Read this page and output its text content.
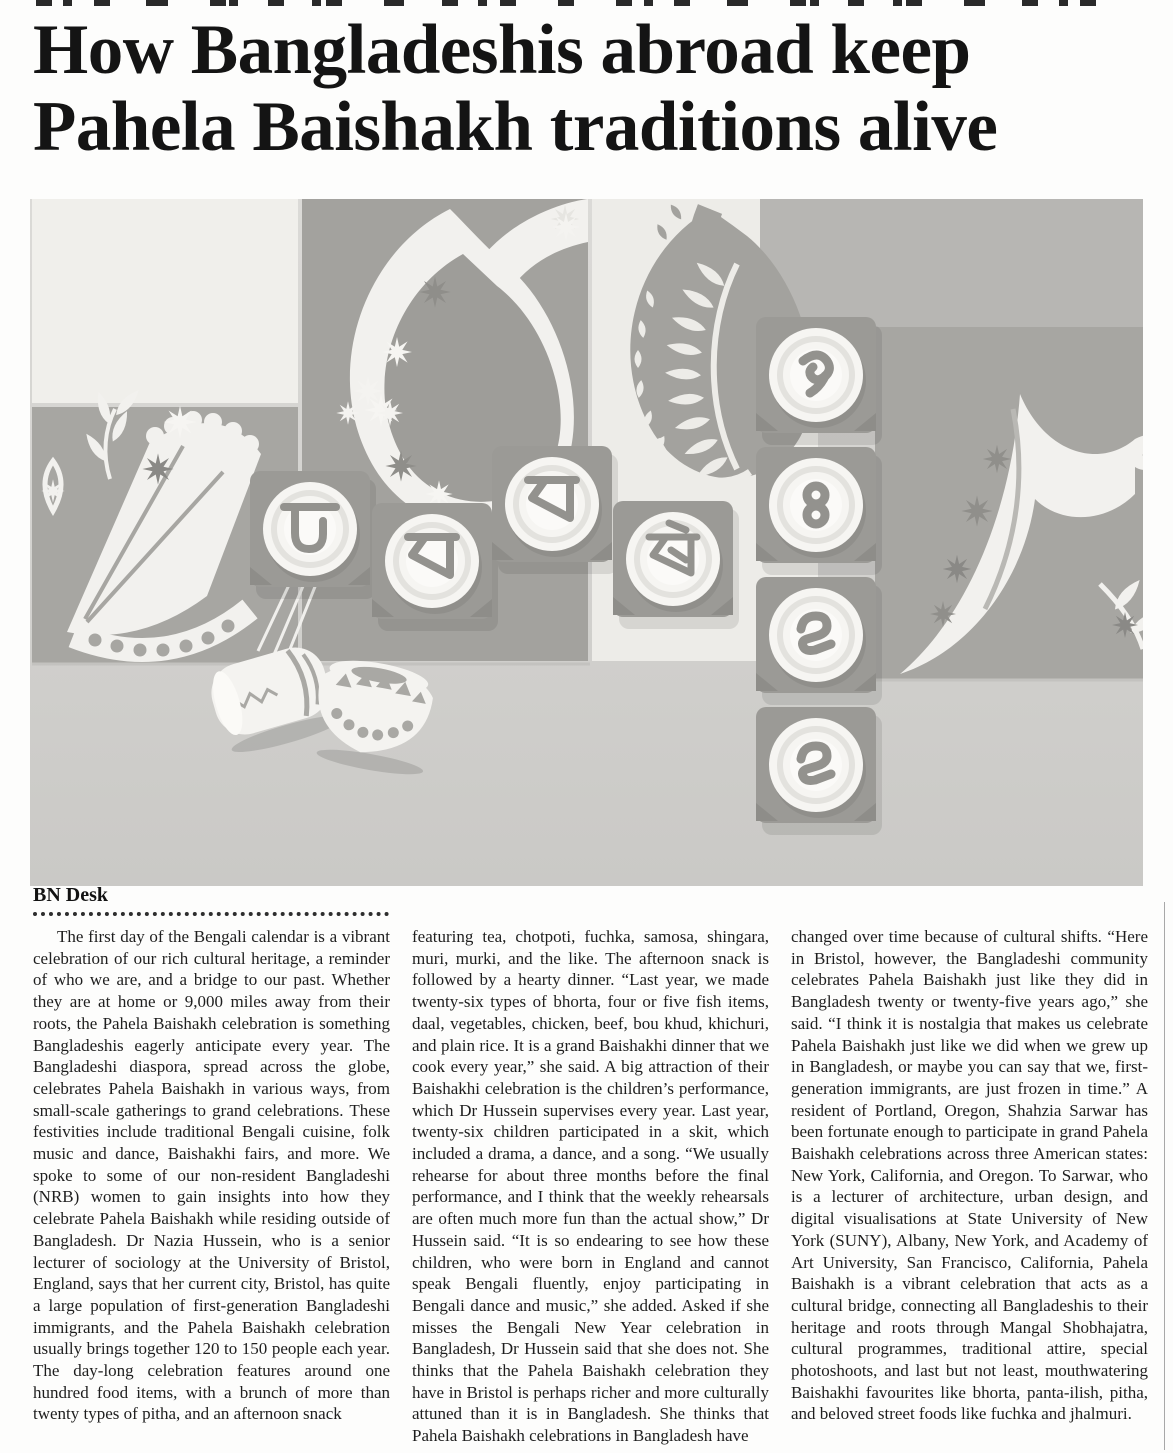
How Bangladeshis abroad keep
Pahela Baishakh traditions alive
BN Desk
The first day of the Bengali calendar is a vibrant celebration of our rich cultural heritage, a reminder of who we are, and a bridge to our past. Whether they are at home or 9,000 miles away from their roots, the Pahela Baishakh celebration is something Bangladeshis eagerly anticipate every year. The Bangladeshi diaspora, spread across the globe, celebrates Pahela Baishakh in various ways, from small-scale gatherings to grand celebrations. These festivities include traditional Bengali cuisine, folk music and dance, Baishakhi fairs, and more. We spoke to some of our non-resident Bangladeshi (NRB) women to gain insights into how they celebrate Pahela Baishakh while residing outside of Bangladesh. Dr Nazia Hussein, who is a senior lecturer of sociology at the University of Bristol, England, says that her current city, Bristol, has quite a large population of first-generation Bangladeshi immigrants, and the Pahela Baishakh celebration usually brings together 120 to 150 people each year. The day-long celebration features around one hundred food items, with a brunch of more than twenty types of pitha, and an afternoon snack
featuring tea, chotpoti, fuchka, samosa, shingara, muri, murki, and the like. The afternoon snack is followed by a hearty dinner. “Last year, we made twenty-six types of bhorta, four or five fish items, daal, vegetables, chicken, beef, bou khud, khichuri, and plain rice. It is a grand Baishakhi dinner that we cook every year,” she said. A big attraction of their Baishakhi celebration is the children’s performance, which Dr Hussein supervises every year. Last year, twenty-six children participated in a skit, which included a drama, a dance, and a song. “We usually rehearse for about three months before the final performance, and I think that the weekly rehearsals are often much more fun than the actual show,” Dr Hussein said. “It is so endearing to see how these children, who were born in England and cannot speak Bengali fluently, enjoy participating in Bengali dance and music,” she added. Asked if she misses the Bengali New Year celebration in Bangladesh, Dr Hussein said that she does not. She thinks that the Pahela Baishakh celebration they have in Bristol is perhaps richer and more culturally attuned than it is in Bangladesh. She thinks that Pahela Baishakh celebrations in Bangladesh have
changed over time because of cultural shifts. “Here in Bristol, however, the Bangladeshi community celebrates Pahela Baishakh just like they did in Bangladesh twenty or twenty-five years ago,” she said. “I think it is nostalgia that makes us celebrate Pahela Baishakh just like we did when we grew up in Bangladesh, or maybe you can say that we, first-generation immigrants, are just frozen in time.” A resident of Portland, Oregon, Shahzia Sarwar has been fortunate enough to participate in grand Pahela Baishakh celebrations across three American states: New York, California, and Oregon. To Sarwar, who is a lecturer of architecture, urban design, and digital visualisations at State University of New York (SUNY), Albany, New York, and Academy of Art University, San Francisco, California, Pahela Baishakh is a vibrant celebration that acts as a cultural bridge, connecting all Bangladeshis to their heritage and roots through Mangal Shobhajatra, cultural programmes, traditional attire, special photoshoots, and last but not least, mouthwatering Baishakhi favourites like bhorta, panta-ilish, pitha, and beloved street foods like fuchka and jhalmuri.
